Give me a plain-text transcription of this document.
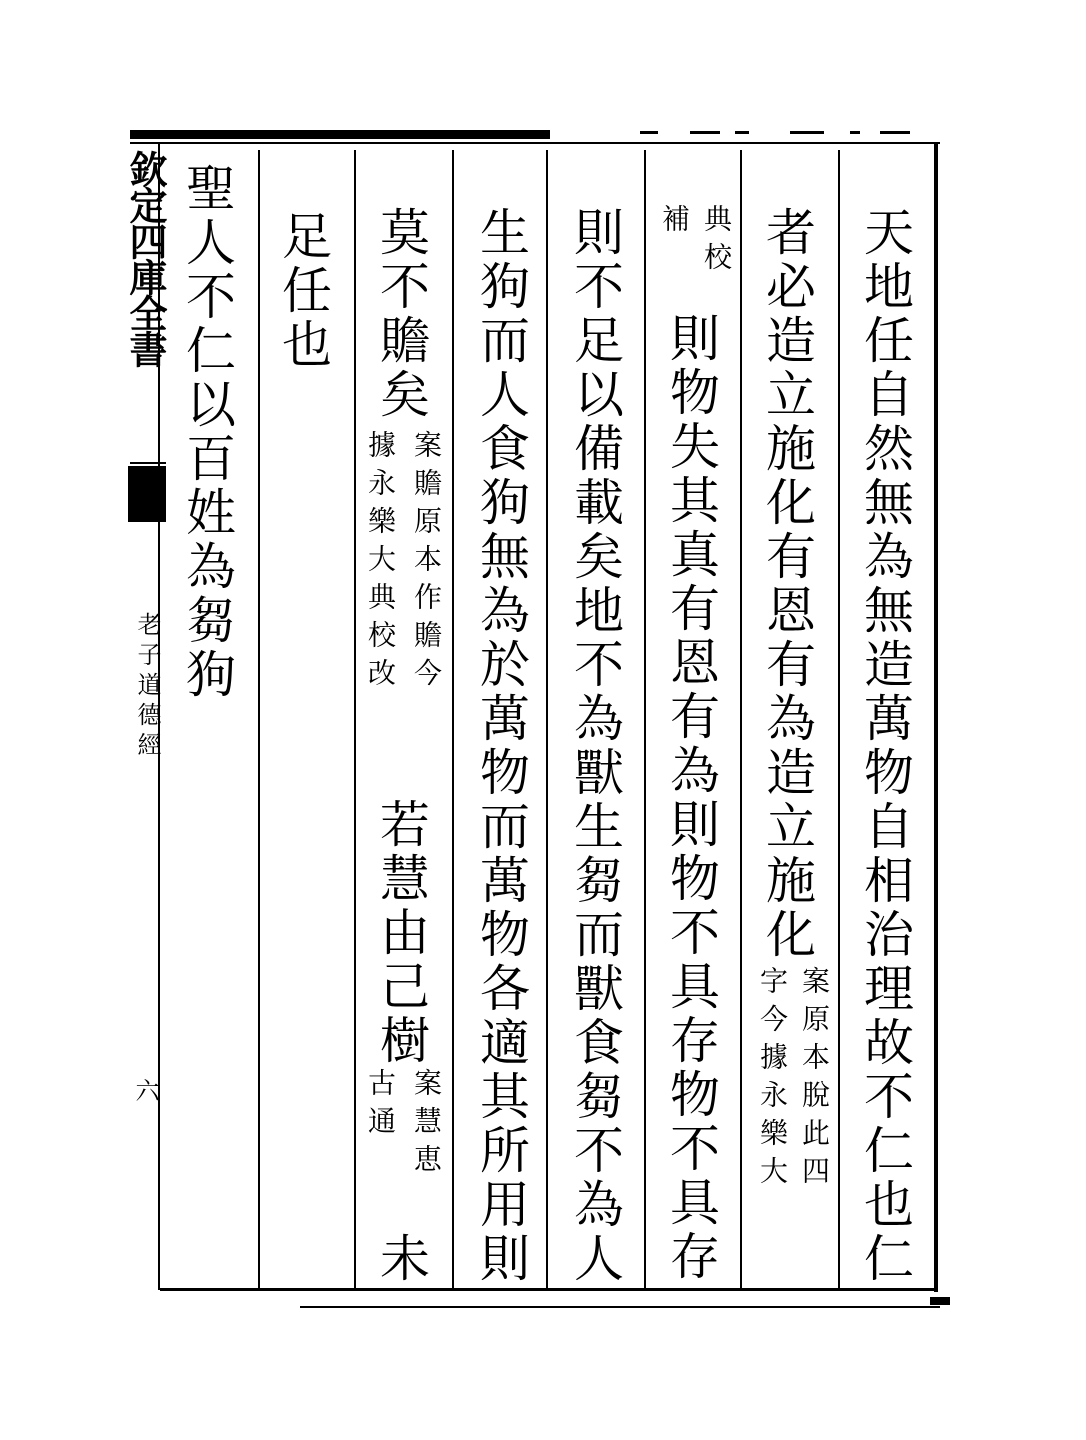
欽定四庫全書
老子道德經
六	天地任自然無為無造萬物自相治理故不仁也仁
者必造立施化有恩有為造立施化
案原本脫此四
字今據永樂大
典校
補
則物失其真有恩有為則物不具存物不具存
則不足以備載矣地不為獸生芻而獸食芻不為人
生狗而人食狗無為於萬物而萬物各適其所用則
莫不贍矣
案贍原本作贍今
據永樂大典校改
若慧由己樹
案慧恵
古通
未
足任也
聖人不仁以百姓為芻狗
